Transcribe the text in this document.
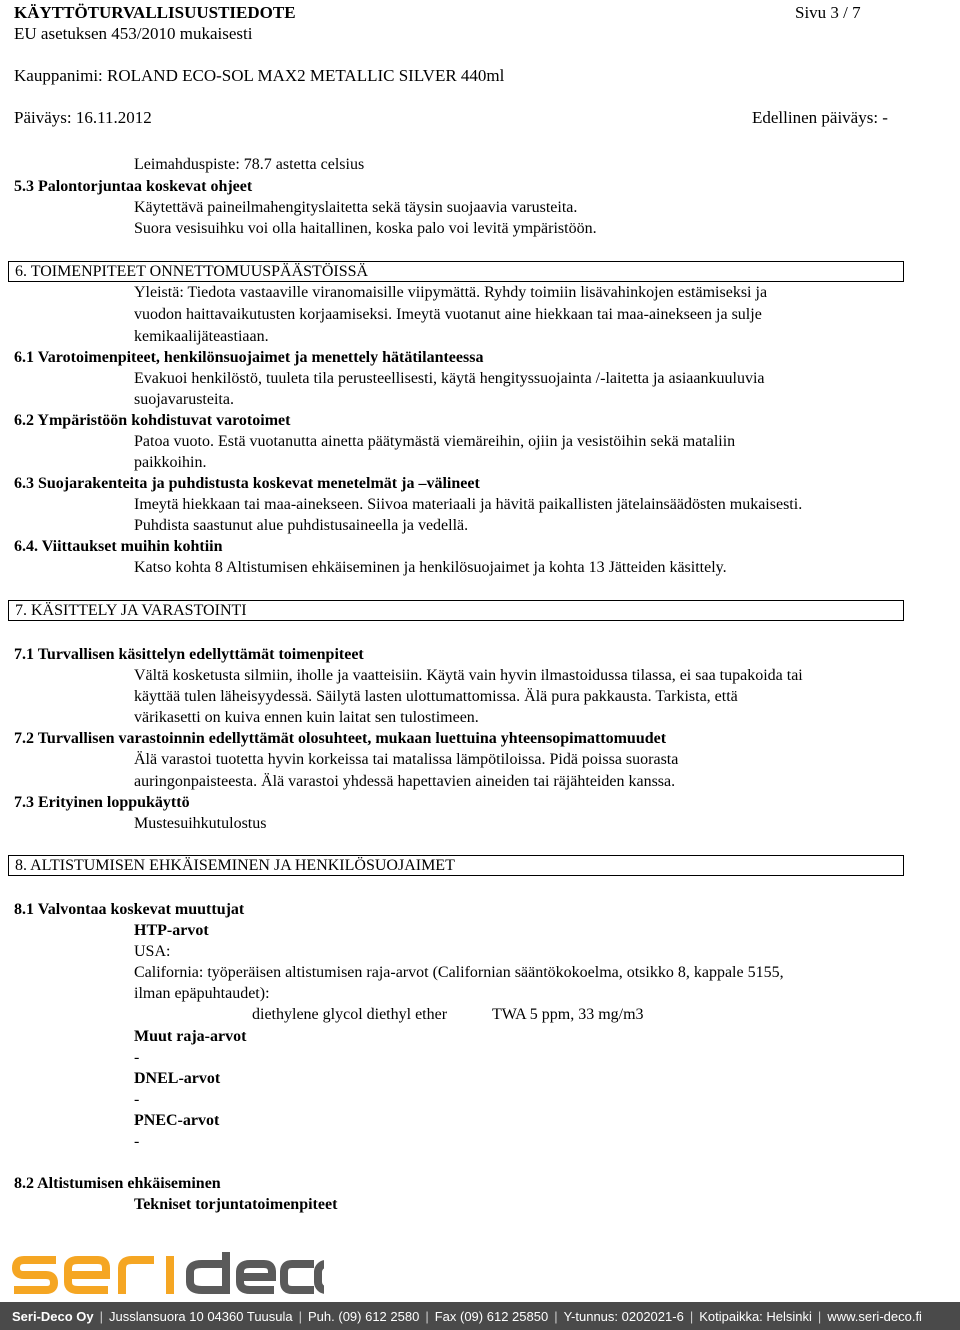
KÄYTTÖTURVALLISUUSTIEDOTE	Sivu 3 / 7
EU asetuksen 453/2010 mukaisesti
Kauppanimi: ROLAND ECO-SOL MAX2 METALLIC SILVER 440ml
Päiväys: 16.11.2012	Edellinen päiväys: -
Leimahduspiste: 78.7 astetta celsius
5.3 Palontorjuntaa koskevat ohjeet
Käytettävä paineilmahengityslaitetta sekä täysin suojaavia varusteita.
Suora vesisuihku voi olla haitallinen, koska palo voi levitä ympäristöön.
6. TOIMENPITEET ONNETTOMUUSPÄÄSTÖISSÄ
Yleistä: Tiedota vastaaville viranomaisille viipymättä. Ryhdy toimiin lisävahinkojen estämiseksi ja
vuodon haittavaikutusten korjaamiseksi. Imeytä vuotanut aine hiekkaan tai maa-ainekseen ja sulje
kemikaalijäteastiaan.
6.1 Varotoimenpiteet, henkilönsuojaimet ja menettely hätätilanteessa
Evakuoi henkilöstö, tuuleta tila perusteellisesti, käytä hengityssuojainta /-laitetta ja asiaankuuluvia
suojavarusteita.
6.2 Ympäristöön kohdistuvat varotoimet
Patoa vuoto. Estä vuotanutta ainetta päätymästä viemäreihin, ojiin ja vesistöihin sekä mataliin
paikkoihin.
6.3 Suojarakenteita ja puhdistusta koskevat menetelmät ja –välineet
Imeytä hiekkaan tai maa-ainekseen. Siivoa materiaali ja hävitä paikallisten jätelainsäädösten mukaisesti.
Puhdista saastunut alue puhdistusaineella ja vedellä.
6.4. Viittaukset muihin kohtiin
Katso kohta 8 Altistumisen ehkäiseminen ja henkilösuojaimet ja kohta 13 Jätteiden käsittely.
7. KÄSITTELY JA VARASTOINTI
7.1 Turvallisen käsittelyn edellyttämät toimenpiteet
Vältä kosketusta silmiin, iholle ja vaatteisiin. Käytä vain hyvin ilmastoidussa tilassa, ei saa tupakoida tai
käyttää tulen läheisyydessä. Säilytä lasten ulottumattomissa. Älä pura pakkausta. Tarkista, että
värikasetti on kuiva ennen kuin laitat sen tulostimeen.
7.2 Turvallisen varastoinnin edellyttämät olosuhteet, mukaan luettuina yhteensopimattomuudet
Älä varastoi tuotetta hyvin korkeissa tai matalissa lämpötiloissa. Pidä poissa suorasta
auringonpaisteesta. Älä varastoi yhdessä hapettavien aineiden tai räjähteiden kanssa.
7.3 Erityinen loppukäyttö
Mustesuihkutulostus
8. ALTISTUMISEN EHKÄISEMINEN JA HENKILÖSUOJAIMET
8.1 Valvontaa koskevat muuttujat
HTP-arvot
USA:
California: työperäisen altistumisen raja-arvot (Californian sääntökokoelma, otsikko 8, kappale 5155,
ilman epäpuhtaudet):
diethylene glycol diethyl ether	TWA 5 ppm, 33 mg/m3
Muut raja-arvot
-
DNEL-arvot
-
PNEC-arvot
-
8.2 Altistumisen ehkäiseminen
Tekniset torjuntatoimenpiteet
Seri-Deco Oy | Jusslansuora 10 04360 Tuusula | Puh. (09) 612 2580 | Fax (09) 612 25850 | Y-tunnus: 0202021-6 | Kotipaikka: Helsinki | www.seri-deco.fi
